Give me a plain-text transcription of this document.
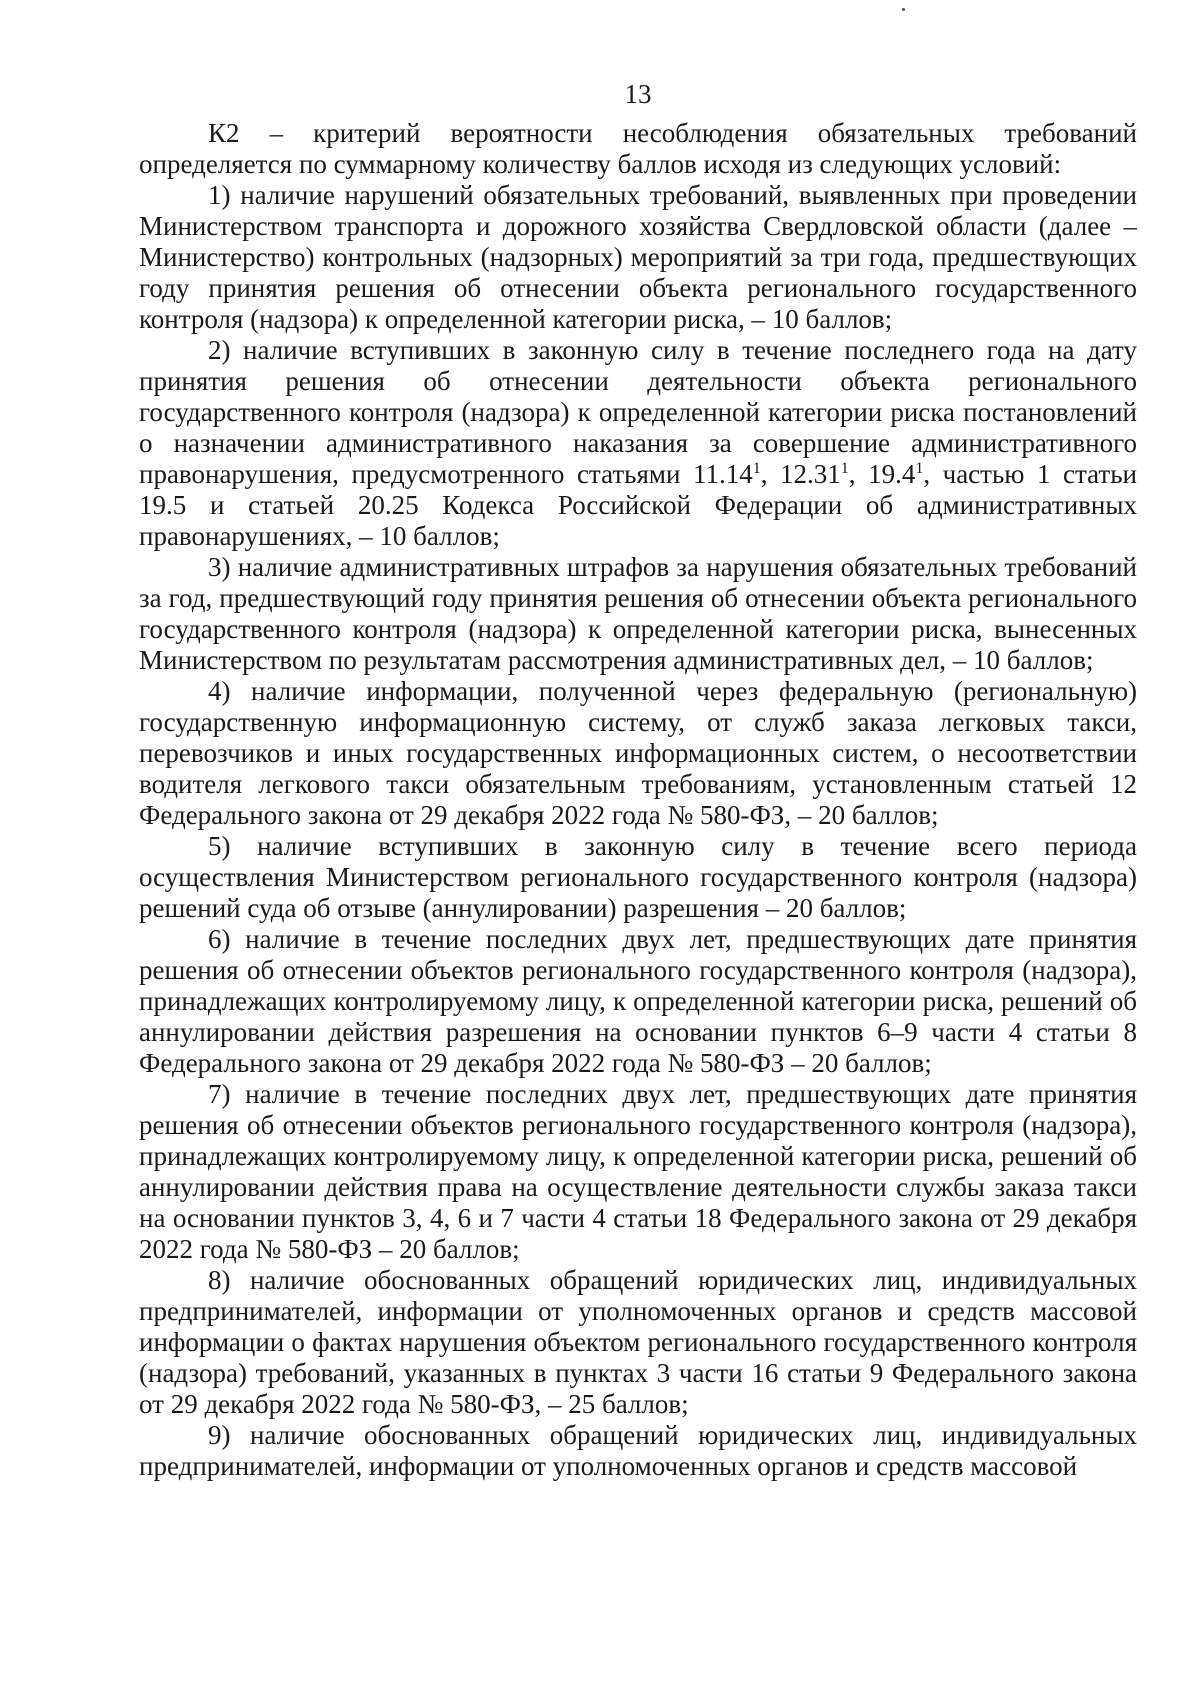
13

К2 – критерий вероятности несоблюдения обязательных требований определяется по суммарному количеству баллов исходя из следующих условий:

1) наличие нарушений обязательных требований, выявленных при проведении Министерством транспорта и дорожного хозяйства Свердловской области (далее – Министерство) контрольных (надзорных) мероприятий за три года, предшествующих году принятия решения об отнесении объекта регионального государственного контроля (надзора) к определенной категории риска, – 10 баллов;

2) наличие вступивших в законную силу в течение последнего года на дату принятия решения об отнесении деятельности объекта регионального государственного контроля (надзора) к определенной категории риска постановлений о назначении административного наказания за совершение административного правонарушения, предусмотренного статьями 11.14$^1$, 12.31$^1$, 19.4$^1$, частью 1 статьи 19.5 и статьей 20.25 Кодекса Российской Федерации об административных правонарушениях, – 10 баллов;

3) наличие административных штрафов за нарушения обязательных требований за год, предшествующий году принятия решения об отнесении объекта регионального государственного контроля (надзора) к определенной категории риска, вынесенных Министерством по результатам рассмотрения административных дел, – 10 баллов;

4) наличие информации, полученной через федеральную (региональную) государственную информационную систему, от служб заказа легковых такси, перевозчиков и иных государственных информационных систем, о несоответствии водителя легкового такси обязательным требованиям, установленным статьей 12 Федерального закона от 29 декабря 2022 года № 580-ФЗ, – 20 баллов;

5) наличие вступивших в законную силу в течение всего периода осуществления Министерством регионального государственного контроля (надзора) решений суда об отзыве (аннулировании) разрешения – 20 баллов;

6) наличие в течение последних двух лет, предшествующих дате принятия решения об отнесении объектов регионального государственного контроля (надзора), принадлежащих контролируемому лицу, к определенной категории риска, решений об аннулировании действия разрешения на основании пунктов 6–9 части 4 статьи 8 Федерального закона от 29 декабря 2022 года № 580-ФЗ – 20 баллов;

7) наличие в течение последних двух лет, предшествующих дате принятия решения об отнесении объектов регионального государственного контроля (надзора), принадлежащих контролируемому лицу, к определенной категории риска, решений об аннулировании действия права на осуществление деятельности службы заказа такси на основании пунктов 3, 4, 6 и 7 части 4 статьи 18 Федерального закона от 29 декабря 2022 года № 580-ФЗ – 20 баллов;

8) наличие обоснованных обращений юридических лиц, индивидуальных предпринимателей, информации от уполномоченных органов и средств массовой информации о фактах нарушения объектом регионального государственного контроля (надзора) требований, указанных в пунктах 3 части 16 статьи 9 Федерального закона от 29 декабря 2022 года № 580-ФЗ, – 25 баллов;

9) наличие обоснованных обращений юридических лиц, индивидуальных предпринимателей, информации от уполномоченных органов и средств массовой
